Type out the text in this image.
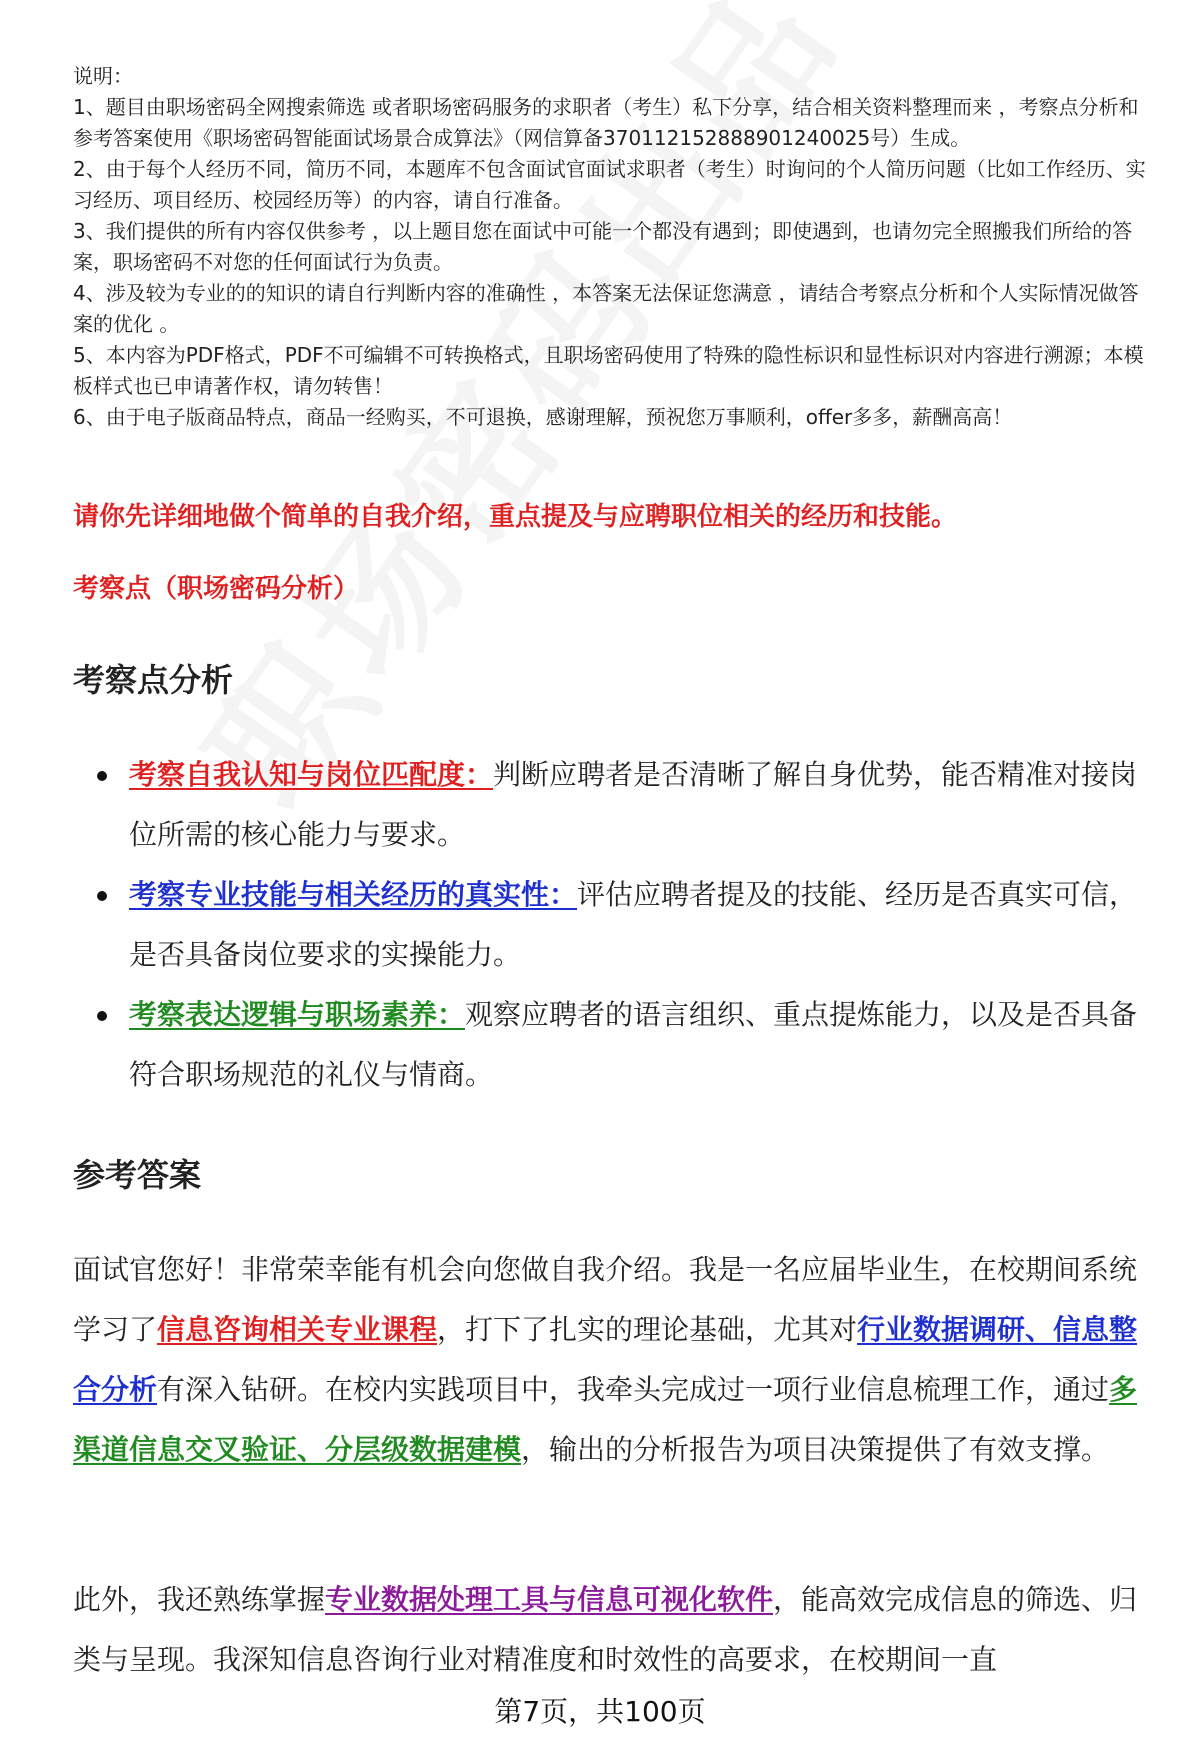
说明：

1、题目由职场密码全网搜索筛选 或者职场密码服务的求职者（考生）私下分享，结合相关资料整理而来 ，考察点分析和参考答案使用《职场密码智能面试场景合成算法》（网信算备370112152888901240025号）生成。

2、由于每个人经历不同，简历不同，本题库不包含面试官面试求职者（考生）时询问的个人简历问题（比如工作经历、实习经历、项目经历、校园经历等）的内容，请自行准备。

3、我们提供的所有内容仅供参考 ，以上题目您在面试中可能一个都没有遇到；即使遇到，也请勿完全照搬我们所给的答案，职场密码不对您的任何面试行为负责。

4、涉及较为专业的的知识的请自行判断内容的准确性 ，本答案无法保证您满意 ，请结合考察点分析和个人实际情况做答案的优化 。

5、本内容为PDF格式，PDF不可编辑不可转换格式，且职场密码使用了特殊的隐性标识和显性标识对内容进行溯源；本模板样式也已申请著作权，请勿转售！

6、由于电子版商品特点，商品一经购买，不可退换，感谢理解，预祝您万事顺利，offer多多，薪酬高高！

请你先详细地做个简单的自我介绍，重点提及与应聘职位相关的经历和技能。

考察点（职场密码分析）

考察点分析
考察自我认知与岗位匹配度：判断应聘者是否清晰了解自身优势，能否精准对接岗位所需的核心能力与要求。
考察专业技能与相关经历的真实性：评估应聘者提及的技能、经历是否真实可信，是否具备岗位要求的实操能力。
考察表达逻辑与职场素养：观察应聘者的语言组织、重点提炼能力，以及是否具备符合职场规范的礼仪与情商。
参考答案

面试官您好！非常荣幸能有机会向您做自我介绍。我是一名应届毕业生，在校期间系统学习了信息咨询相关专业课程，打下了扎实的理论基础，尤其对行业数据调研、信息整合分析有深入钻研。在校内实践项目中，我牵头完成过一项行业信息梳理工作，通过多渠道信息交叉验证、分层级数据建模，输出的分析报告为项目决策提供了有效支撑。

此外，我还熟练掌握专业数据处理工具与信息可视化软件，能高效完成信息的筛选、归类与呈现。我深知信息咨询行业对精准度和时效性的高要求，在校期间一直

第7页，共100页
